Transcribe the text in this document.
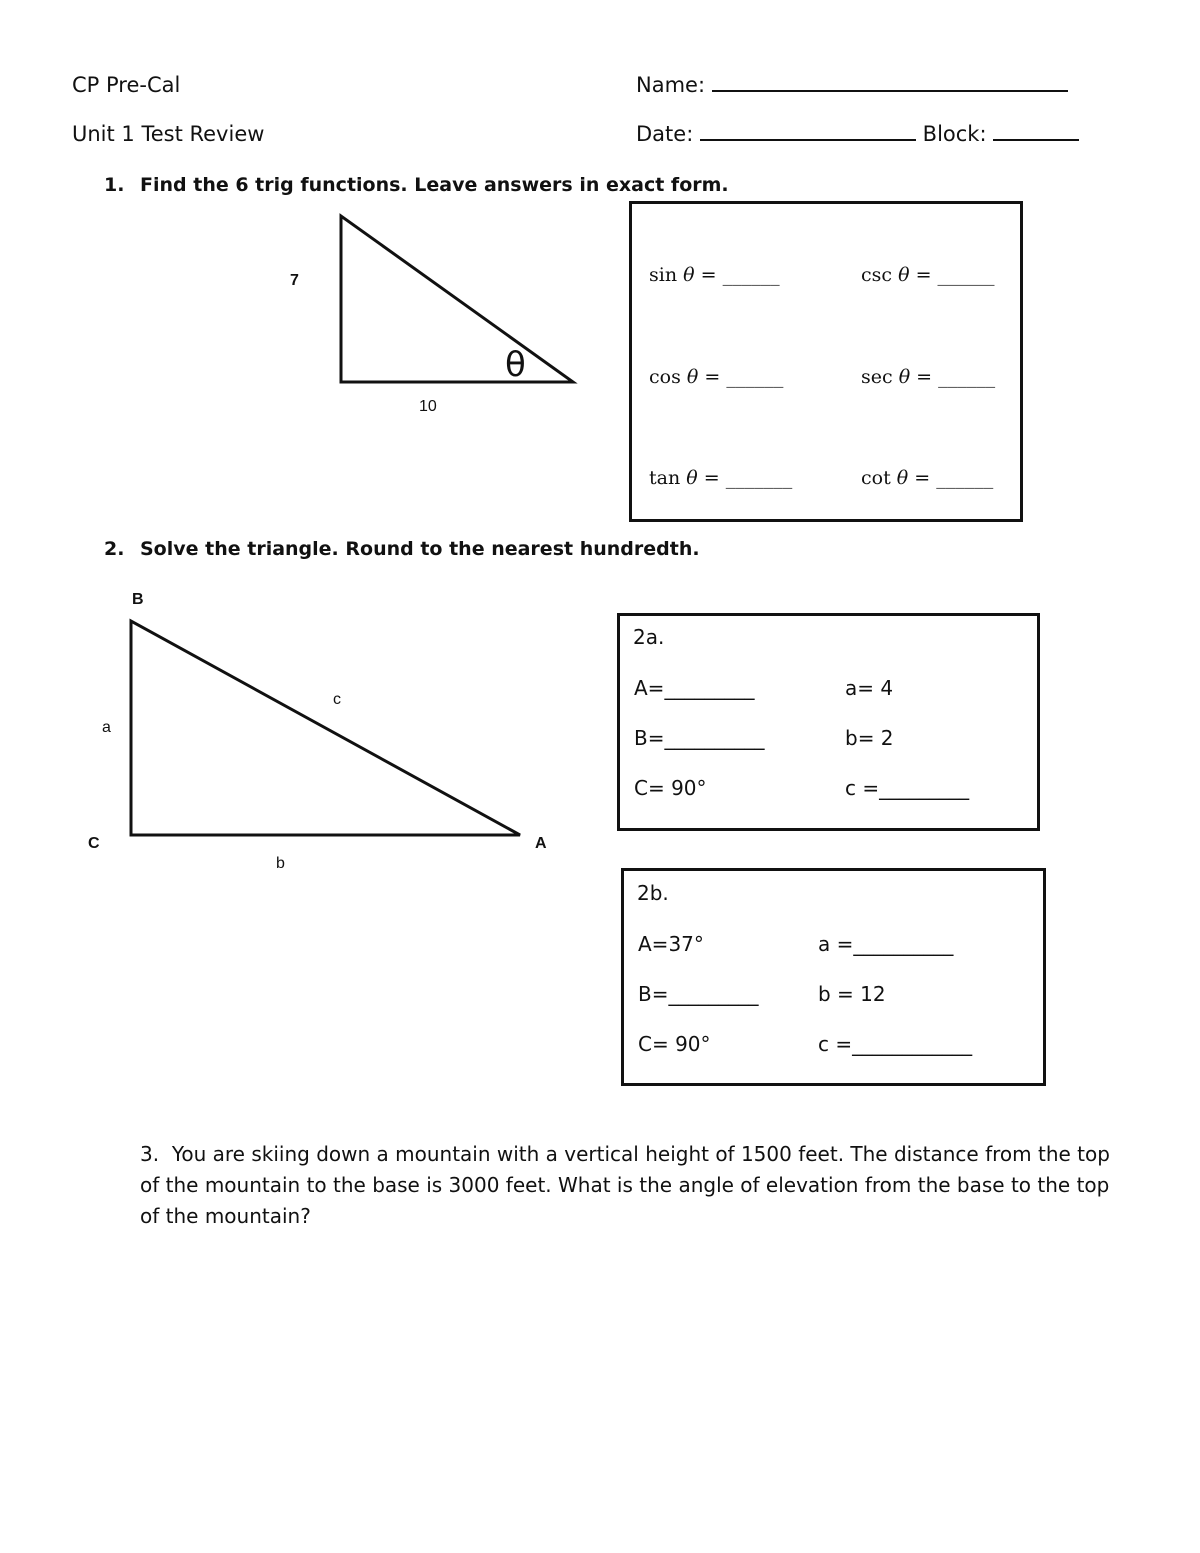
CP Pre-Cal
Unit 1 Test Review
Name:
Date:	Block:
1. Find the 6 trig functions. Leave answers in exact form.
7
10
θ
sin θ = ______	csc θ = ______
cos θ = ______	sec θ = ______
tan θ = _______	cot θ = ______
2. Solve the triangle. Round to the nearest hundredth.
B
C	A
a
b
c
2a.
A=_________	a= 4
B=__________	b= 2
C= 90°	c =_________
2b.
A=37°	a =__________
B=_________	b = 12
C= 90°	c =____________
3. You are skiing down a mountain with a vertical height of 1500 feet. The distance from the top of the mountain to the base is 3000 feet. What is the angle of elevation from the base to the top of the mountain?
